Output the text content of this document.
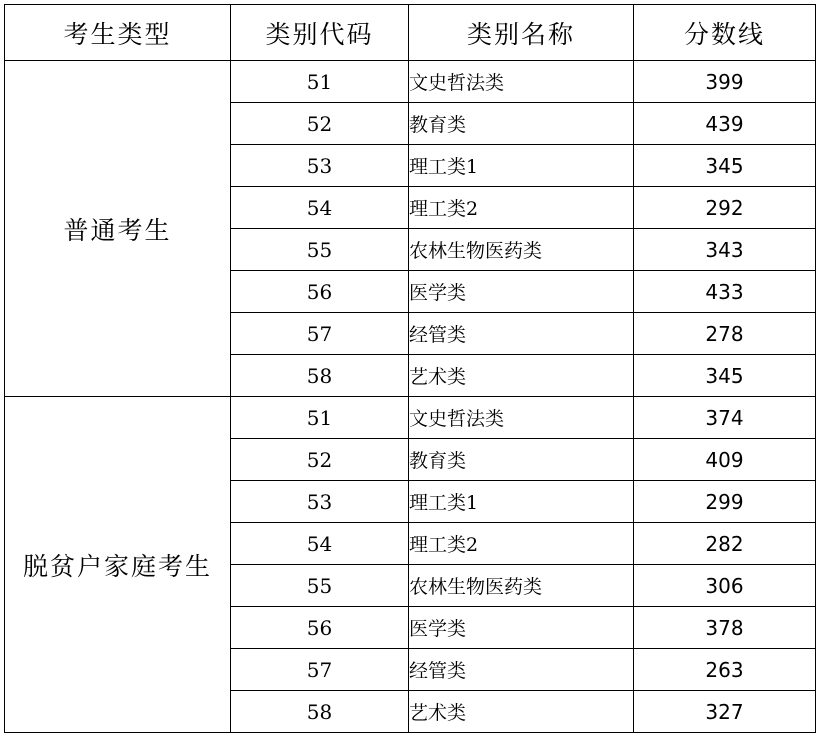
考生类型	类别代码	类别名称	分数线
普通考生	51	文史哲法类	399
	52	教育类	439
	53	理工类1	345
	54	理工类2	292
	55	农林生物医药类	343
	56	医学类	433
	57	经管类	278
	58	艺术类	345
脱贫户家庭考生	51	文史哲法类	374
	52	教育类	409
	53	理工类1	299
	54	理工类2	282
	55	农林生物医药类	306
	56	医学类	378
	57	经管类	263
	58	艺术类	327
